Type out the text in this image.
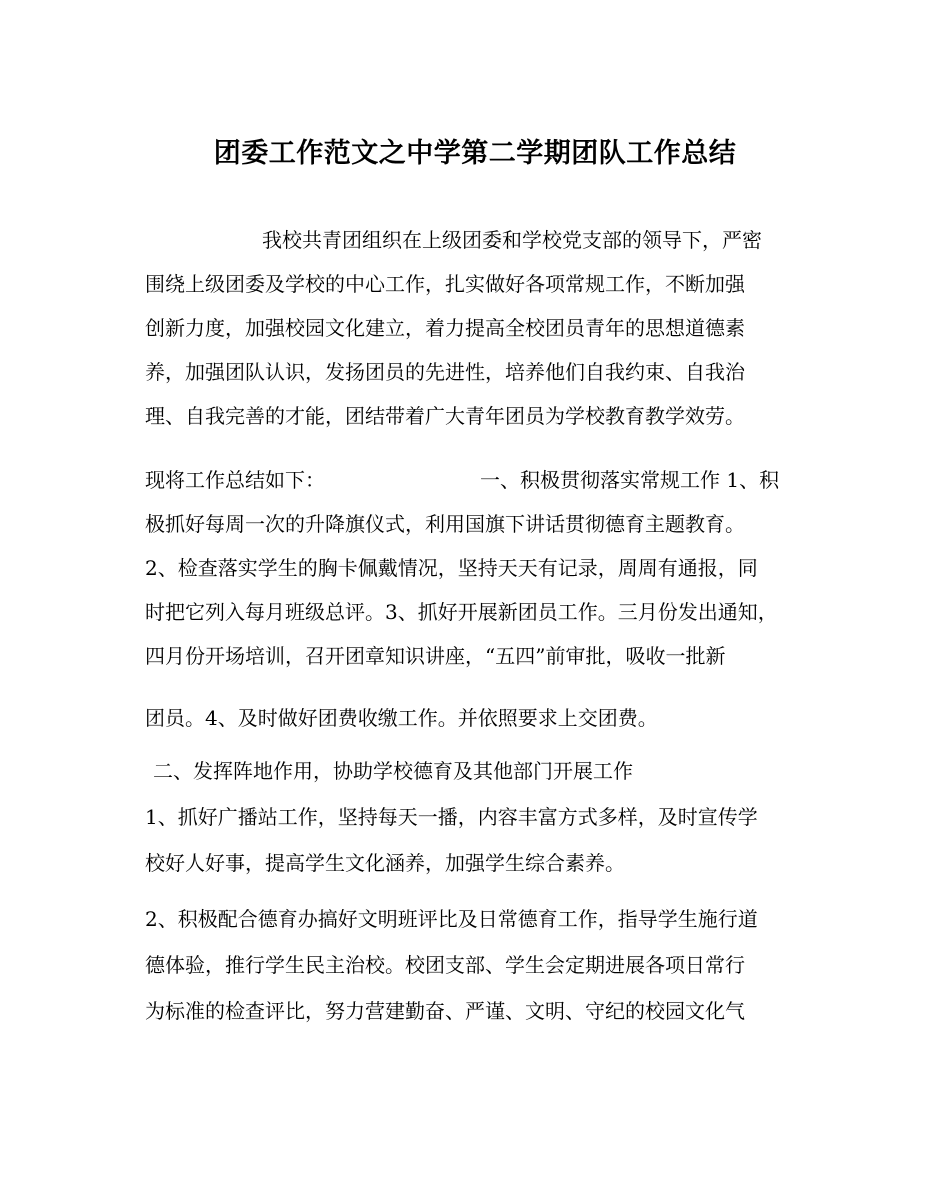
团委工作范文之中学第二学期团队工作总结
我校共青团组织在上级团委和学校党支部的领导下，严密
围绕上级团委及学校的中心工作，扎实做好各项常规工作，不断加强
创新力度，加强校园文化建立，着力提高全校团员青年的思想道德素
养，加强团队认识，发扬团员的先进性，培养他们自我约束、自我治
理、自我完善的才能，团结带着广大青年团员为学校教育教学效劳。
现将工作总结如下：	一、积极贯彻落实常规工作 1、积
极抓好每周一次的升降旗仪式，利用国旗下讲话贯彻德育主题教育。
2、检查落实学生的胸卡佩戴情况，坚持天天有记录，周周有通报，同
时把它列入每月班级总评。3、抓好开展新团员工作。三月份发出通知，
四月份开场培训，召开团章知识讲座，“五四”前审批，吸收一批新
团员。4、及时做好团费收缴工作。并依照要求上交团费。
二、发挥阵地作用，协助学校德育及其他部门开展工作
1、抓好广播站工作，坚持每天一播，内容丰富方式多样，及时宣传学
校好人好事，提高学生文化涵养，加强学生综合素养。
2、积极配合德育办搞好文明班评比及日常德育工作，指导学生施行道
德体验，推行学生民主治校。校团支部、学生会定期进展各项日常行
为标准的检查评比，努力营建勤奋、严谨、文明、守纪的校园文化气
